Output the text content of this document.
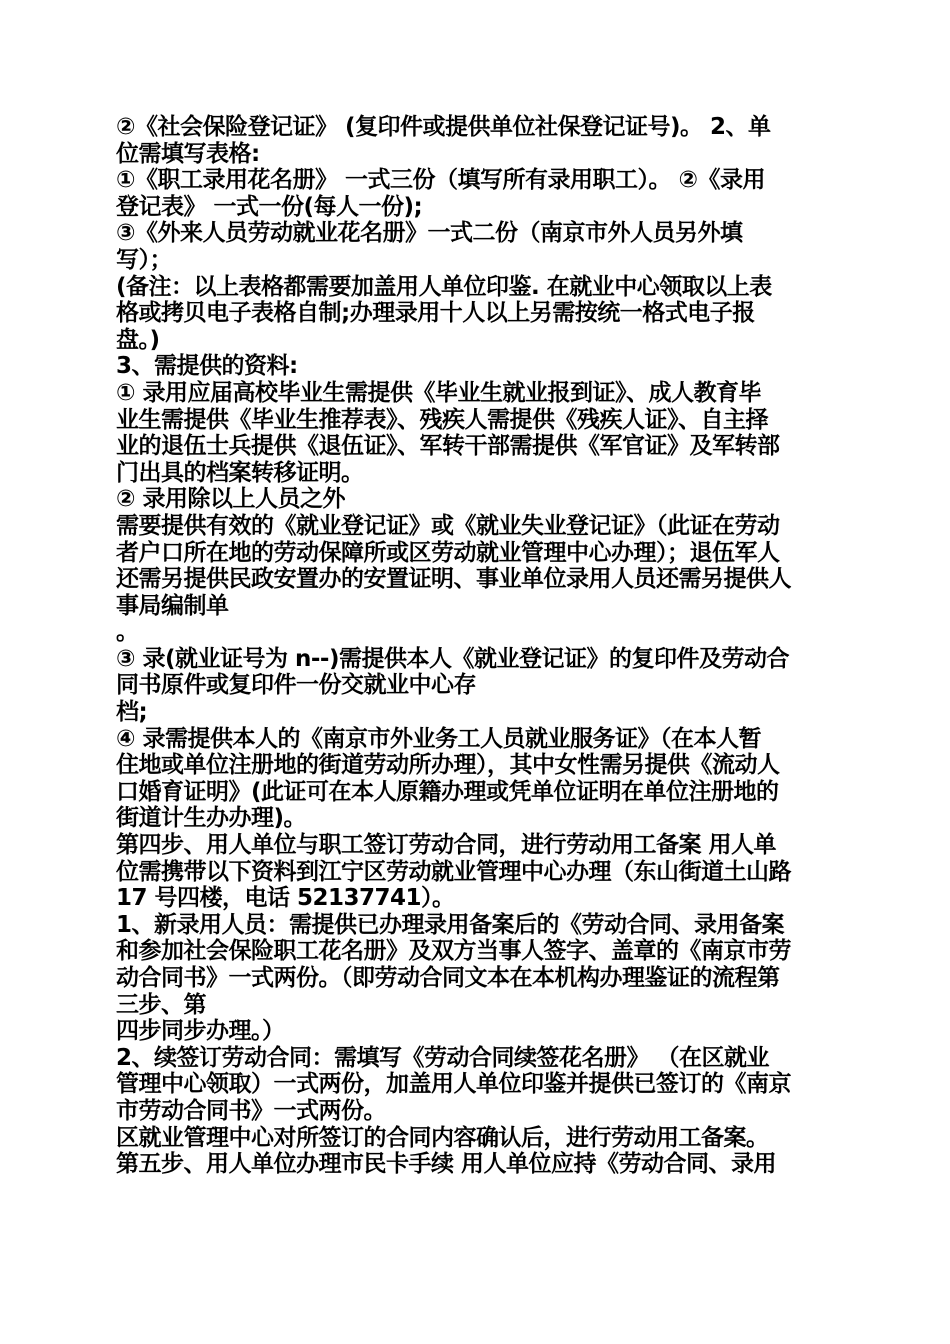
②《社会保险登记证》 (复印件或提供单位社保登记证号)。 2、单
位需填写表格:
①《职工录用花名册》 一式三份（填写所有录用职工）。 ②《录用
登记表》 一式一份(每人一份);
③《外来人员劳动就业花名册》一式二份（南京市外人员另外填
写）；
(备注：以上表格都需要加盖用人单位印鉴. 在就业中心领取以上表
格或拷贝电子表格自制;办理录用十人以上另需按统一格式电子报
盘。)
3、需提供的资料:
① 录用应届高校毕业生需提供《毕业生就业报到证》、成人教育毕
业生需提供《毕业生推荐表》、残疾人需提供《残疾人证》、自主择
业的退伍士兵提供《退伍证》、军转干部需提供《军官证》及军转部
门出具的档案转移证明。
② 录用除以上人员之外
需要提供有效的《就业登记证》或《就业失业登记证》（此证在劳动
者户口所在地的劳动保障所或区劳动就业管理中心办理）；退伍军人
还需另提供民政安置办的安置证明、事业单位录用人员还需另提供人
事局编制单
。
③ 录(就业证号为 n--)需提供本人《就业登记证》的复印件及劳动合
同书原件或复印件一份交就业中心存
档;
④ 录需提供本人的《南京市外业务工人员就业服务证》（在本人暂
住地或单位注册地的街道劳动所办理），其中女性需另提供《流动人
口婚育证明》(此证可在本人原籍办理或凭单位证明在单位注册地的
街道计生办办理)。
第四步、用人单位与职工签订劳动合同，进行劳动用工备案 用人单
位需携带以下资料到江宁区劳动就业管理中心办理（东山街道土山路
17 号四楼，电话 52137741）。
1、新录用人员：需提供已办理录用备案后的《劳动合同、录用备案
和参加社会保险职工花名册》及双方当事人签字、盖章的《南京市劳
动合同书》一式两份。（即劳动合同文本在本机构办理鉴证的流程第
三步、第
四步同步办理。）
2、续签订劳动合同：需填写《劳动合同续签花名册》 （在区就业
管理中心领取）一式两份，加盖用人单位印鉴并提供已签订的《南京
市劳动合同书》一式两份。
区就业管理中心对所签订的合同内容确认后，进行劳动用工备案。
第五步、用人单位办理市民卡手续 用人单位应持《劳动合同、录用
